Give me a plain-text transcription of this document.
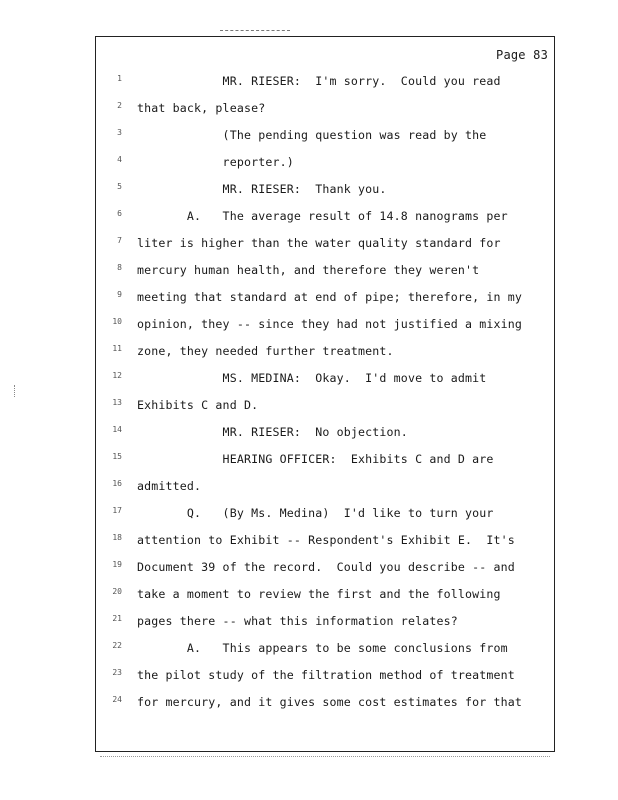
Page 83
1 MR. RIESER:  I'm sorry.  Could you read
2 that back, please?
3 (The pending question was read by the
4 reporter.)
5 MR. RIESER:  Thank you.
6 A.   The average result of 14.8 nanograms per
7 liter is higher than the water quality standard for
8 mercury human health, and therefore they weren't
9 meeting that standard at end of pipe; therefore, in my
10 opinion, they -- since they had not justified a mixing
11 zone, they needed further treatment.
12 MS. MEDINA:  Okay.  I'd move to admit
13 Exhibits C and D.
14 MR. RIESER:  No objection.
15 HEARING OFFICER:  Exhibits C and D are
16 admitted.
17 Q.   (By Ms. Medina)  I'd like to turn your
18 attention to Exhibit -- Respondent's Exhibit E.  It's
19 Document 39 of the record.  Could you describe -- and
20 take a moment to review the first and the following
21 pages there -- what this information relates?
22 A.   This appears to be some conclusions from
23 the pilot study of the filtration method of treatment
24 for mercury, and it gives some cost estimates for that
